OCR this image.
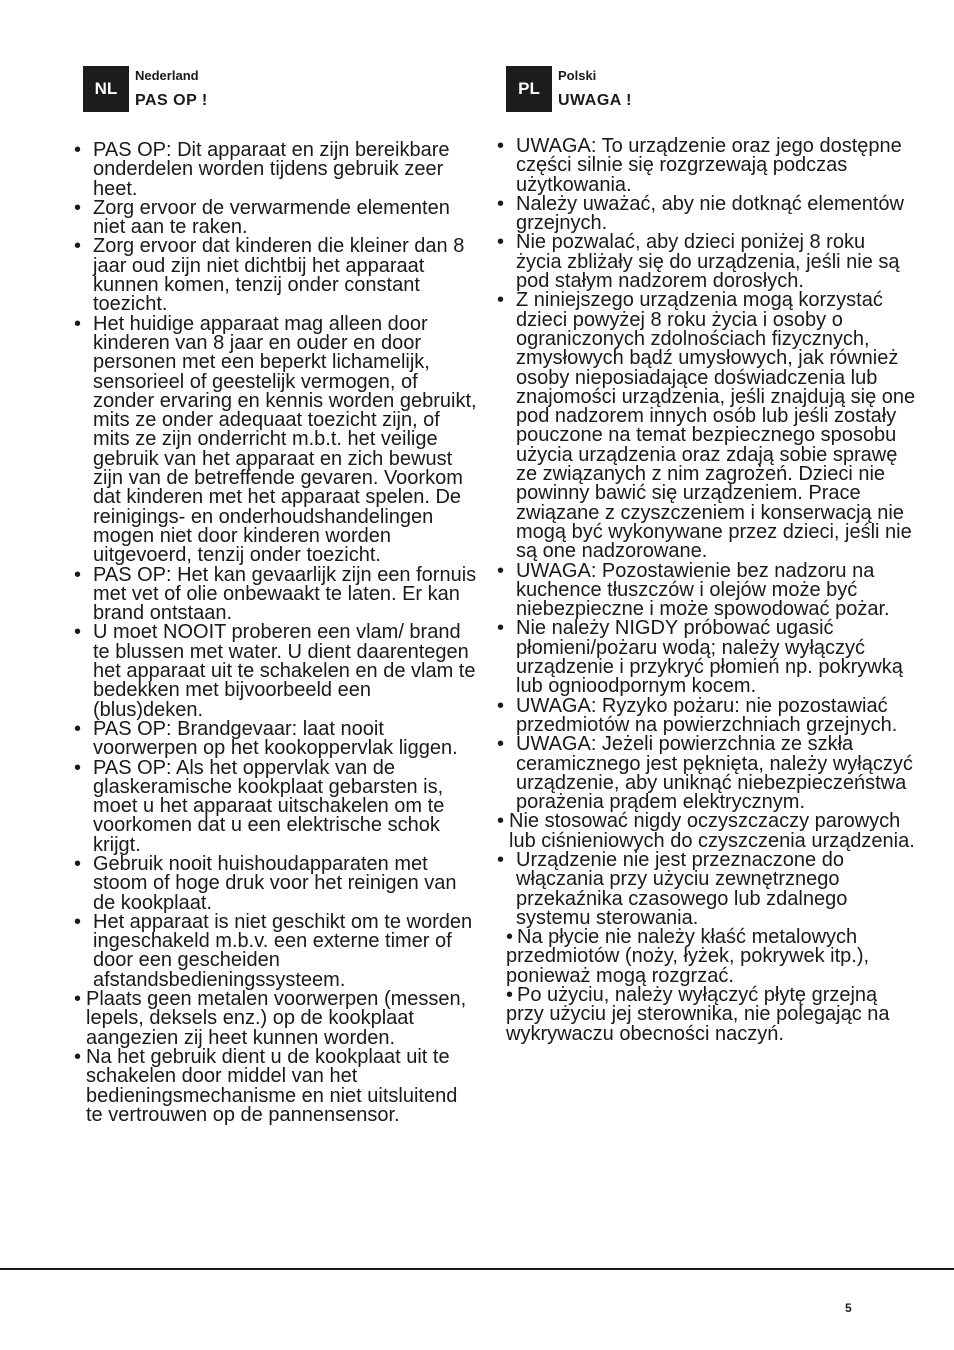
NL
Nederland
PAS OP !
• PAS OP: Dit apparaat en zijn bereikbare onderdelen worden tijdens gebruik zeer heet.
• Zorg ervoor de verwarmende elementen niet aan te raken.
• Zorg ervoor dat kinderen die kleiner dan 8 jaar oud zijn niet dichtbij het apparaat kunnen komen, tenzij onder constant toezicht.
• Het huidige apparaat mag alleen door kinderen van 8 jaar en ouder en door personen met een beperkt lichamelijk, sensorieel of geestelijk vermogen, of zonder ervaring en kennis worden gebruikt, mits ze onder adequaat toezicht zijn, of mits ze zijn onderricht m.b.t. het veilige gebruik van het apparaat en zich bewust zijn van de betreffende gevaren. Voorkom dat kinderen met het apparaat spelen. De reinigings- en onderhoudshandelingen mogen niet door kinderen worden uitgevoerd, tenzij onder toezicht.
• PAS OP: Het kan gevaarlijk zijn een fornuis met vet of olie onbewaakt te laten. Er kan brand ontstaan.
• U moet NOOIT proberen een vlam/ brand te blussen met water. U dient daarentegen het apparaat uit te schakelen en de vlam te bedekken met bijvoorbeeld een (blus)deken.
• PAS OP: Brandgevaar: laat nooit voorwerpen op het kookoppervlak liggen.
• PAS OP: Als het oppervlak van de glaskeramische kookplaat gebarsten is, moet u het apparaat uitschakelen om te voorkomen dat u een elektrische schok krijgt.
• Gebruik nooit huishoudapparaten met stoom of hoge druk voor het reinigen van de kookplaat.
• Het apparaat is niet geschikt om te worden ingeschakeld m.b.v. een externe timer of door een gescheiden afstandsbedieningssysteem.
• Plaats geen metalen voorwerpen (messen, lepels, deksels enz.) op de kookplaat aangezien zij heet kunnen worden.
• Na het gebruik dient u de kookplaat uit te schakelen door middel van het bedieningsmechanisme en niet uitsluitend te vertrouwen op de pannensensor.
PL
Polski
UWAGA !
• UWAGA: To urządzenie oraz jego dostępne części silnie się rozgrzewają podczas użytkowania.
• Należy uważać, aby nie dotknąć elementów grzejnych.
• Nie pozwalać, aby dzieci poniżej 8 roku życia zbliżały się do urządzenia, jeśli nie są pod stałym nadzorem dorosłych.
• Z niniejszego urządzenia mogą korzystać dzieci powyżej 8 roku życia i osoby o ograniczonych zdolnościach fizycznych, zmysłowych bądź umysłowych, jak również osoby nieposiadające doświadczenia lub znajomości urządzenia, jeśli znajdują się one pod nadzorem innych osób lub jeśli zostały pouczone na temat bezpiecznego sposobu użycia urządzenia oraz zdają sobie sprawę ze związanych z nim zagrożeń. Dzieci nie powinny bawić się urządzeniem. Prace związane z czyszczeniem i konserwacją nie mogą być wykonywane przez dzieci, jeśli nie są one nadzorowane.
• UWAGA: Pozostawienie bez nadzoru na kuchence tłuszczów i olejów może być niebezpieczne i może spowodować pożar.
• Nie należy NIGDY próbować ugasić płomieni/pożaru wodą; należy wyłączyć urządzenie i przykryć płomień np. pokrywką lub ognioodpornym kocem.
• UWAGA: Ryzyko pożaru: nie pozostawiać przedmiotów na powierzchniach grzejnych.
• UWAGA: Jeżeli powierzchnia ze szkła ceramicznego jest pęknięta, należy wyłączyć urządzenie, aby uniknąć niebezpieczeństwa porażenia prądem elektrycznym.
• Nie stosować nigdy oczyszczaczy parowych lub ciśnieniowych do czyszczenia urządzenia.
• Urządzenie nie jest przeznaczone do włączania przy użyciu zewnętrznego przekaźnika czasowego lub zdalnego systemu sterowania.
• Na płycie nie należy kłaść metalowych przedmiotów (noży, łyżek, pokrywek itp.), ponieważ mogą rozgrzać.
• Po użyciu, należy wyłączyć płytę grzejną przy użyciu jej sterownika, nie polegając na wykrywaczu obecności naczyń.
5
